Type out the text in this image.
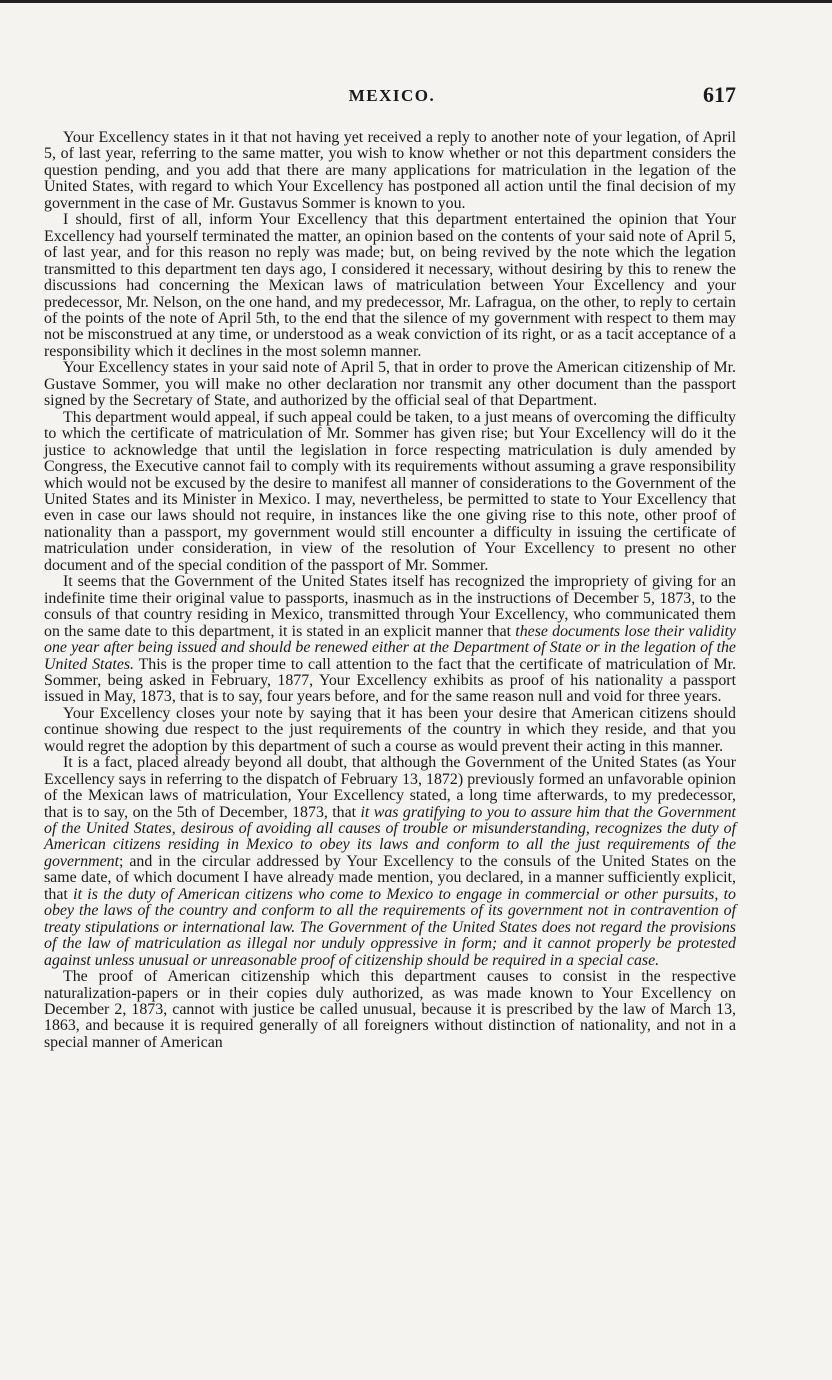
MEXICO.	617

Your Excellency states in it that not having yet received a reply to another note of your legation, of April 5, of last year, referring to the same matter, you wish to know whether or not this department considers the question pending, and you add that there are many applications for matriculation in the legation of the United States, with regard to which Your Excellency has postponed all action until the final decision of my government in the case of Mr. Gustavus Sommer is known to you.

I should, first of all, inform Your Excellency that this department entertained the opinion that Your Excellency had yourself terminated the matter, an opinion based on the contents of your said note of April 5, of last year, and for this reason no reply was made; but, on being revived by the note which the legation transmitted to this department ten days ago, I considered it necessary, without desiring by this to renew the discussions had concerning the Mexican laws of matriculation between Your Excellency and your predecessor, Mr. Nelson, on the one hand, and my predecessor, Mr. Lafragua, on the other, to reply to certain of the points of the note of April 5th, to the end that the silence of my government with respect to them may not be misconstrued at any time, or understood as a weak conviction of its right, or as a tacit acceptance of a responsibility which it declines in the most solemn manner.

Your Excellency states in your said note of April 5, that in order to prove the American citizenship of Mr. Gustave Sommer, you will make no other declaration nor transmit any other document than the passport signed by the Secretary of State, and authorized by the official seal of that Department.

This department would appeal, if such appeal could be taken, to a just means of overcoming the difficulty to which the certificate of matriculation of Mr. Sommer has given rise; but Your Excellency will do it the justice to acknowledge that until the legislation in force respecting matriculation is duly amended by Congress, the Executive cannot fail to comply with its requirements without assuming a grave responsibility which would not be excused by the desire to manifest all manner of considerations to the Government of the United States and its Minister in Mexico. I may, nevertheless, be permitted to state to Your Excellency that even in case our laws should not require, in instances like the one giving rise to this note, other proof of nationality than a passport, my government would still encounter a difficulty in issuing the certificate of matriculation under consideration, in view of the resolution of Your Excellency to present no other document and of the special condition of the passport of Mr. Sommer.

It seems that the Government of the United States itself has recognized the impropriety of giving for an indefinite time their original value to passports, inasmuch as in the instructions of December 5, 1873, to the consuls of that country residing in Mexico, transmitted through Your Excellency, who communicated them on the same date to this department, it is stated in an explicit manner that these documents lose their validity one year after being issued and should be renewed either at the Department of State or in the legation of the United States. This is the proper time to call attention to the fact that the certificate of matriculation of Mr. Sommer, being asked in February, 1877, Your Excellency exhibits as proof of his nationality a passport issued in May, 1873, that is to say, four years before, and for the same reason null and void for three years.

Your Excellency closes your note by saying that it has been your desire that American citizens should continue showing due respect to the just requirements of the country in which they reside, and that you would regret the adoption by this department of such a course as would prevent their acting in this manner.

It is a fact, placed already beyond all doubt, that although the Government of the United States (as Your Excellency says in referring to the dispatch of February 13, 1872) previously formed an unfavorable opinion of the Mexican laws of matriculation, Your Excellency stated, a long time afterwards, to my predecessor, that is to say, on the 5th of December, 1873, that it was gratifying to you to assure him that the Government of the United States, desirous of avoiding all causes of trouble or misunderstanding, recognizes the duty of American citizens residing in Mexico to obey its laws and conform to all the just requirements of the government; and in the circular addressed by Your Excellency to the consuls of the United States on the same date, of which document I have already made mention, you declared, in a manner sufficiently explicit, that it is the duty of American citizens who come to Mexico to engage in commercial or other pursuits, to obey the laws of the country and conform to all the requirements of its government not in contravention of treaty stipulations or international law. The Government of the United States does not regard the provisions of the law of matriculation as illegal nor unduly oppressive in form; and it cannot properly be protested against unless unusual or unreasonable proof of citizenship should be required in a special case.

The proof of American citizenship which this department causes to consist in the respective naturalization-papers or in their copies duly authorized, as was made known to Your Excellency on December 2, 1873, cannot with justice be called unusual, because it is prescribed by the law of March 13, 1863, and because it is required generally of all foreigners without distinction of nationality, and not in a special manner of American
